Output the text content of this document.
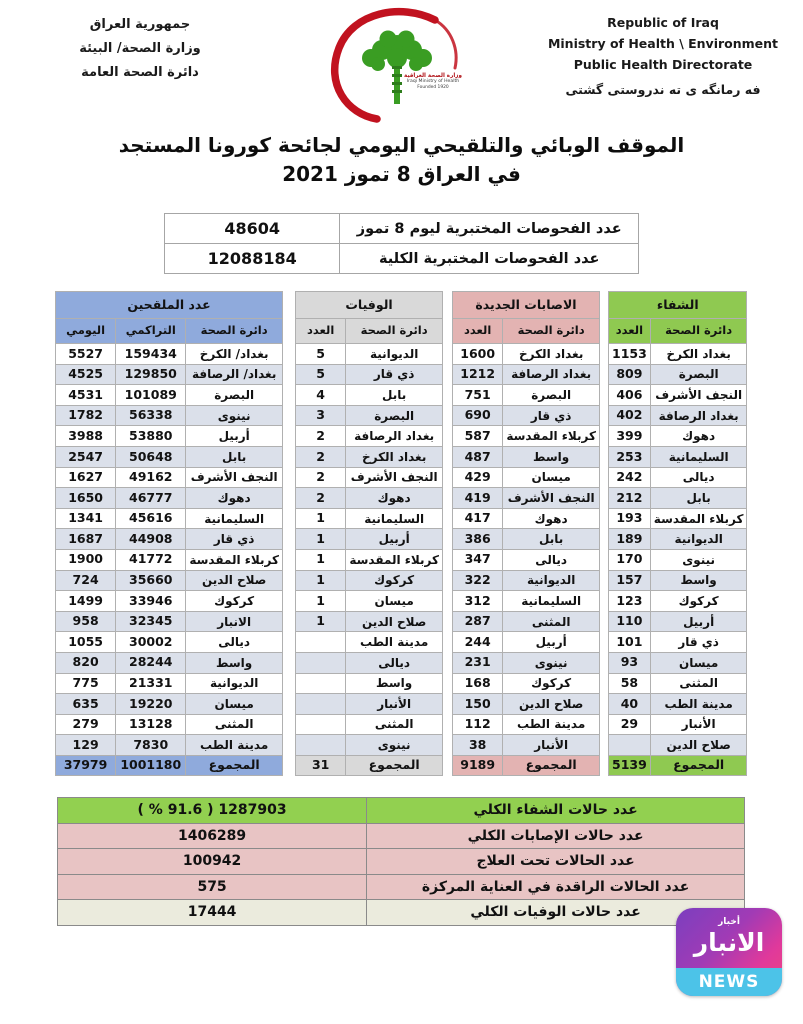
Republic of Iraq
Ministry of Health \ Environment
Public Health Directorate
فه رمانگه ى ته ندروستى گشتى
وزارة الصحة العراقية
Iraqi Ministry of Health
Founded 1920
جمهورية العراق
وزارة الصحة/ البيئة
دائرة الصحة العامة
الموقف الوبائي والتلقيحي اليومي لجائحة كورونا المستجد
في العراق 8 تموز 2021
عدد الفحوصات المختبرية ليوم 8 تموز	48604
عدد الفحوصات المختبرية الكلية	12088184
عدد الملقحين		
دائرة الصحة	التراكمي	اليومي
بغداد/ الكرخ	159434	5527
بغداد/ الرصافة	129850	4525
البصرة	101089	4531
نينوى	56338	1782
أربيل	53880	3988
بابل	50648	2547
النجف الأشرف	49162	1627
دهوك	46777	1650
السليمانية	45616	1341
ذي قار	44908	1687
كربلاء المقدسة	41772	1900
صلاح الدين	35660	724
كركوك	33946	1499
الانبار	32345	958
ديالى	30002	1055
واسط	28244	820
الديوانية	21331	775
ميسان	19220	635
المثنى	13128	279
مدينة الطب	7830	129
المجموع	1001180	37979
الوفيات	
دائرة الصحة	العدد
الديوانية	5
ذي قار	5
بابل	4
البصرة	3
بغداد الرصافة	2
بغداد الكرخ	2
النجف الأشرف	2
دهوك	2
السليمانية	1
أربيل	1
كربلاء المقدسة	1
كركوك	1
ميسان	1
صلاح الدين	1
مدينة الطب	
ديالى	
واسط	
الأنبار	
المثنى	
نينوى	
المجموع	31
الاصابات الجديدة	
دائرة الصحة	العدد
بغداد الكرخ	1600
بغداد الرصافة	1212
البصرة	751
ذي قار	690
كربلاء المقدسة	587
واسط	487
ميسان	429
النجف الأشرف	419
دهوك	417
بابل	386
ديالى	347
الديوانية	322
السليمانية	312
المثنى	287
أربيل	244
نينوى	231
كركوك	168
صلاح الدين	150
مدينة الطب	112
الأنبار	38
المجموع	9189
الشفاء	
دائرة الصحة	العدد
بغداد الكرخ	1153
البصرة	809
النجف الأشرف	406
بغداد الرصافة	402
دهوك	399
السليمانية	253
ديالى	242
بابل	212
كربلاء المقدسة	193
الديوانية	189
نينوى	170
واسط	157
كركوك	123
أربيل	110
ذي قار	101
ميسان	93
المثنى	58
مدينة الطب	40
الأنبار	29
صلاح الدين	
المجموع	5139
عدد حالات الشفاء الكلي	1287903 ( 91.6 % )
عدد حالات الإصابات الكلي	1406289
عدد الحالات تحت العلاج	100942
عدد الحالات الراقدة في العناية المركزة	575
عدد حالات الوفيات الكلي	17444
أخبار
الانبار
NEWS
